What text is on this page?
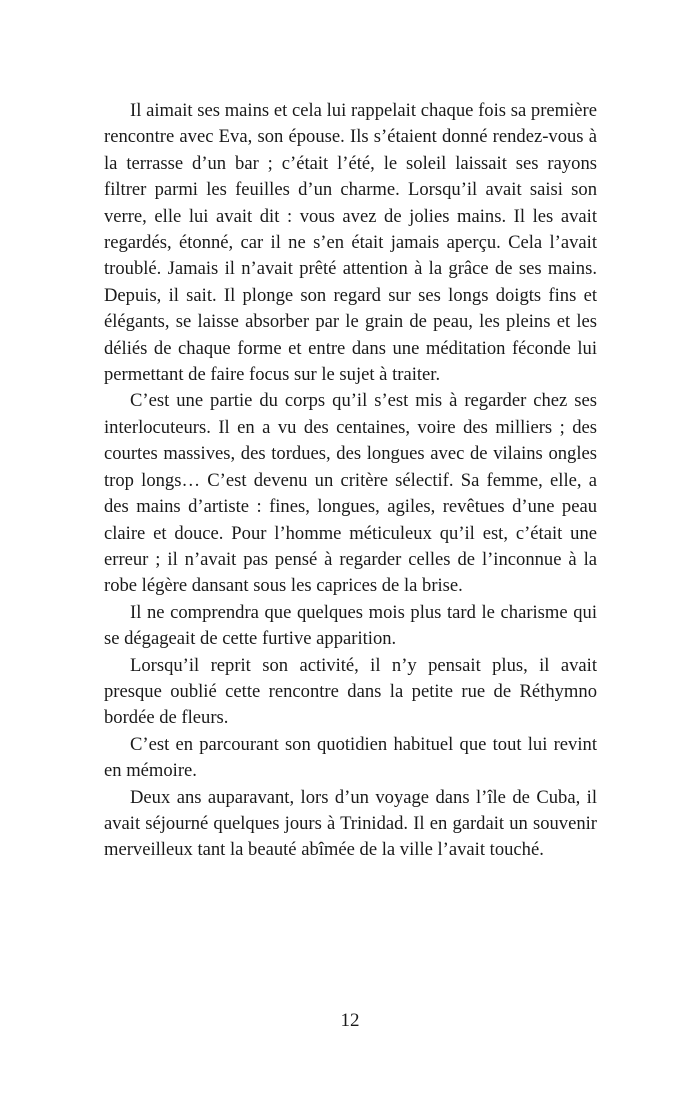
Il aimait ses mains et cela lui rappelait chaque fois sa première rencontre avec Eva, son épouse. Ils s’étaient donné rendez-vous à la terrasse d’un bar ; c’était l’été, le soleil laissait ses rayons filtrer parmi les feuilles d’un charme. Lorsqu’il avait saisi son verre, elle lui avait dit : vous avez de jolies mains. Il les avait regardés, étonné, car il ne s’en était jamais aperçu. Cela l’avait troublé. Jamais il n’avait prêté attention à la grâce de ses mains. Depuis, il sait. Il plonge son regard sur ses longs doigts fins et élégants, se laisse absorber par le grain de peau, les pleins et les déliés de chaque forme et entre dans une méditation féconde lui permettant de faire focus sur le sujet à traiter.

C’est une partie du corps qu’il s’est mis à regarder chez ses interlocuteurs. Il en a vu des centaines, voire des milliers ; des courtes massives, des tordues, des longues avec de vilains ongles trop longs… C’est devenu un critère sélectif. Sa femme, elle, a des mains d’artiste : fines, longues, agiles, revêtues d’une peau claire et douce. Pour l’homme méticuleux qu’il est, c’était une erreur ; il n’avait pas pensé à regarder celles de l’inconnue à la robe légère dansant sous les caprices de la brise.

Il ne comprendra que quelques mois plus tard le charisme qui se dégageait de cette furtive apparition.

Lorsqu’il reprit son activité, il n’y pensait plus, il avait presque oublié cette rencontre dans la petite rue de Réthymno bordée de fleurs.

C’est en parcourant son quotidien habituel que tout lui revint en mémoire.

Deux ans auparavant, lors d’un voyage dans l’île de Cuba, il avait séjourné quelques jours à Trinidad. Il en gardait un souvenir merveilleux tant la beauté abîmée de la ville l’avait touché.

12
